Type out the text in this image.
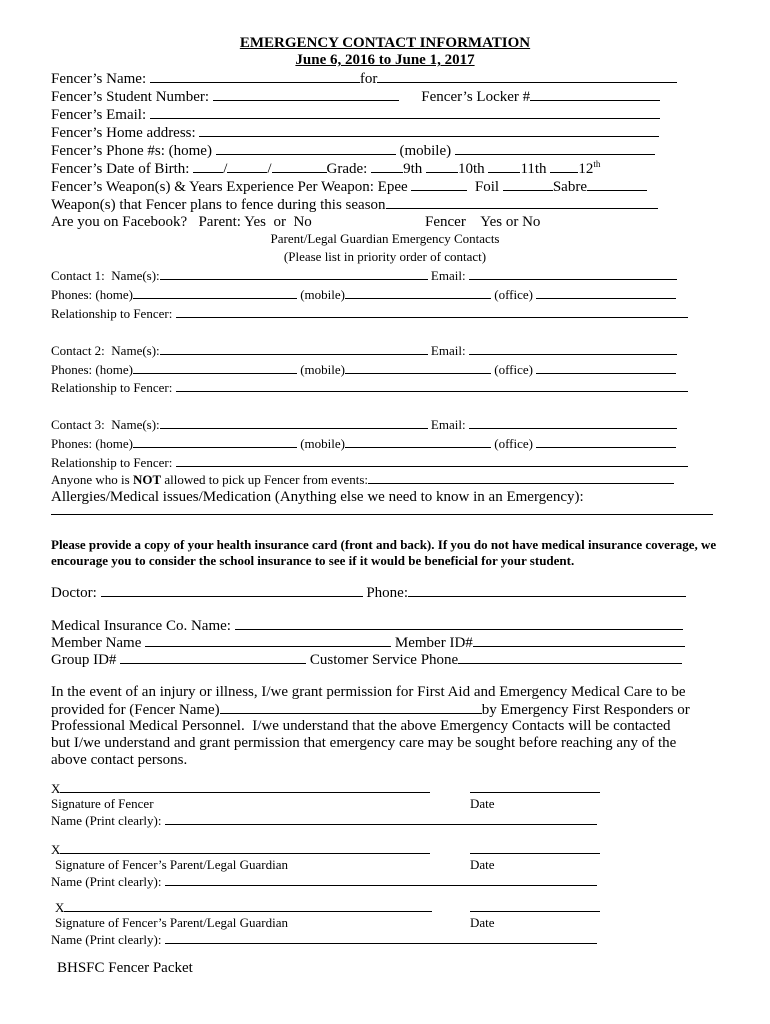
EMERGENCY CONTACT INFORMATION
June 6, 2016 to June 1, 2017
Fencer’s Name:	for
Fencer’s Student Number:	Fencer’s Locker #
Fencer’s Email:
Fencer’s Home address:
Fencer’s Phone #s: (home)	(mobile)
Fencer’s Date of Birth: /	/	Grade: 9th 10th 11th 12th
Fencer’s Weapon(s) & Years Experience Per Weapon: Epee	Foil	Sabre
Weapon(s) that Fencer plans to fence during this season
Are you on Facebook?   Parent: Yes  or  No	Fencer    Yes or No
Parent/Legal Guardian Emergency Contacts
(Please list in priority order of contact)
Contact 1:  Name(s):	Email:
Phones: (home)	(mobile)	(office)
Relationship to Fencer:
Contact 2:  Name(s):	Email:
Phones: (home)	(mobile)	(office)
Relationship to Fencer:
Contact 3:  Name(s):	Email:
Phones: (home)	(mobile)	(office)
Relationship to Fencer:
Anyone who is NOT allowed to pick up Fencer from events:
Allergies/Medical issues/Medication (Anything else we need to know in an Emergency):
Please provide a copy of your health insurance card (front and back). If you do not have medical insurance coverage, we encourage you to consider the school insurance to see if it would be beneficial for your student.
Doctor:	Phone:
Medical Insurance Co. Name:
Member Name	Member ID#
Group ID#	Customer Service Phone
In the event of an injury or illness, I/we grant permission for First Aid and Emergency Medical Care to be
provided for (Fencer Name)	by Emergency First Responders or
Professional Medical Personnel.  I/we understand that the above Emergency Contacts will be contacted
but I/we understand and grant permission that emergency care may be sought before reaching any of the
above contact persons.
X
Signature of Fencer	Date
Name (Print clearly):
X
Signature of Fencer’s Parent/Legal Guardian	Date
Name (Print clearly):
X
Signature of Fencer’s Parent/Legal Guardian	Date
Name (Print clearly):
BHSFC Fencer Packet
